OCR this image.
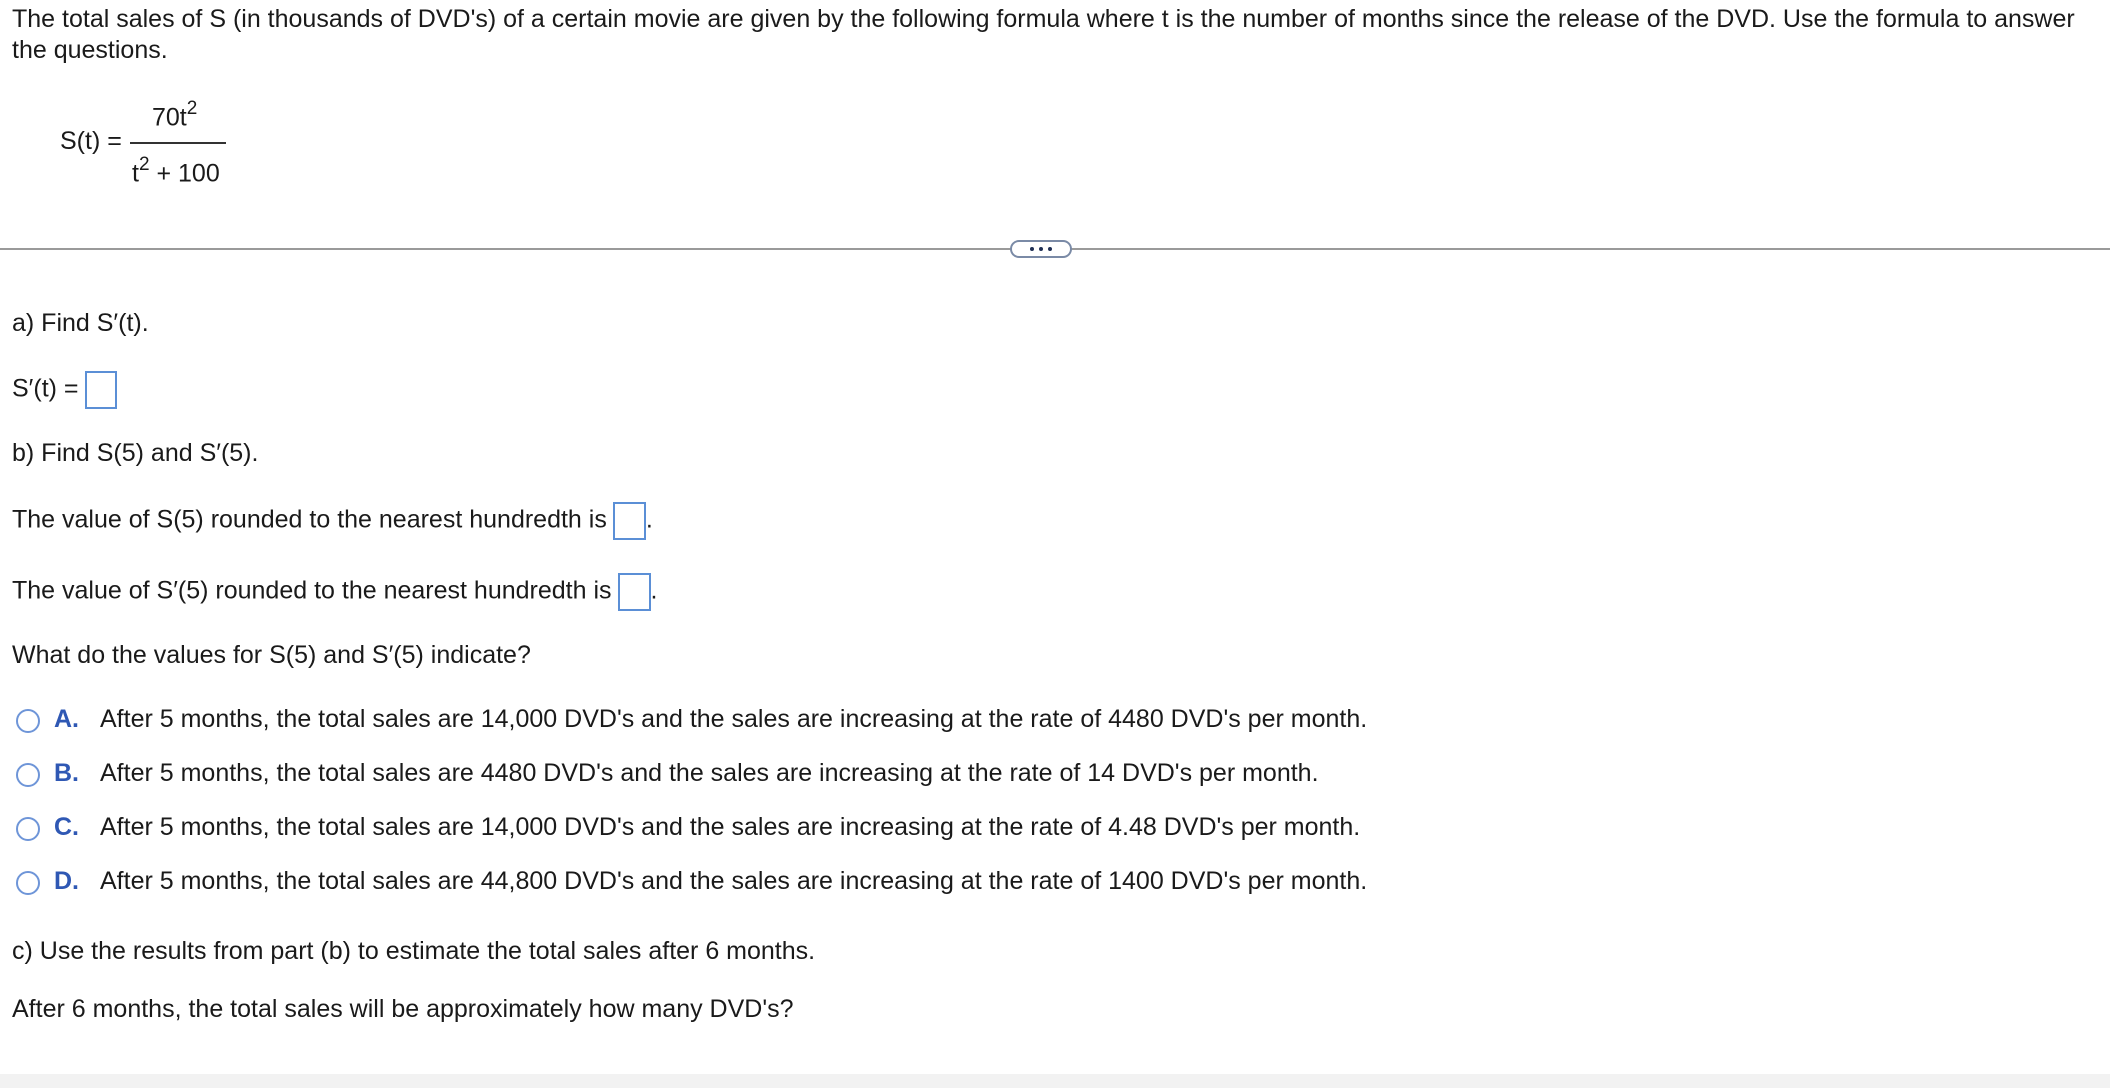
The total sales of S (in thousands of DVD's) of a certain movie are given by the following formula where t is the number of months since the release of the DVD. Use the formula to answer the questions.
S(t) =
$70t^2$
$t^2 + 100$
a) Find S′(t).
S′(t) =
b) Find S(5) and S′(5).
The value of S(5) rounded to the nearest hundredth is .
The value of S′(5) rounded to the nearest hundredth is .
What do the values for S(5) and S′(5) indicate?
A. After 5 months, the total sales are 14,000 DVD's and the sales are increasing at the rate of 4480 DVD's per month.
B. After 5 months, the total sales are 4480 DVD's and the sales are increasing at the rate of 14 DVD's per month.
C. After 5 months, the total sales are 14,000 DVD's and the sales are increasing at the rate of 4.48 DVD's per month.
D. After 5 months, the total sales are 44,800 DVD's and the sales are increasing at the rate of 1400 DVD's per month.
c) Use the results from part (b) to estimate the total sales after 6 months.
After 6 months, the total sales will be approximately how many DVD's?
